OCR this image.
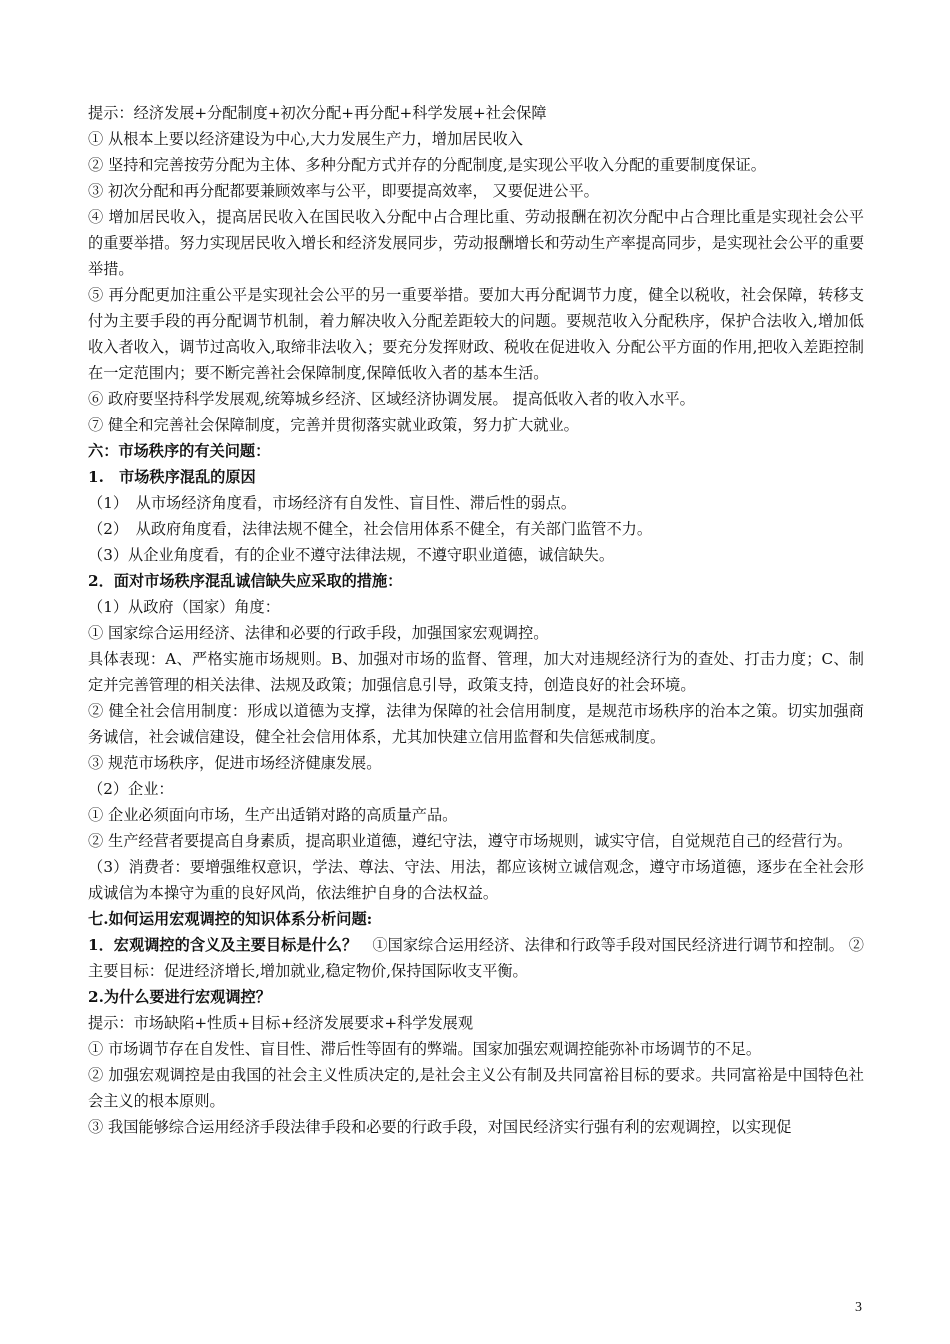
提示：经济发展+分配制度+初次分配+再分配+科学发展+社会保障

① 从根本上要以经济建设为中心,大力发展生产力，增加居民收入

② 坚持和完善按劳分配为主体、多种分配方式并存的分配制度,是实现公平收入分配的重要制度保证。

③ 初次分配和再分配都要兼顾效率与公平，即要提高效率， 又要促进公平。

④ 增加居民收入，提高居民收入在国民收入分配中占合理比重、劳动报酬在初次分配中占合理比重是实现社会公平的重要举措。努力实现居民收入增长和经济发展同步，劳动报酬增长和劳动生产率提高同步，是实现社会公平的重要举措。

⑤ 再分配更加注重公平是实现社会公平的另一重要举措。要加大再分配调节力度，健全以税收，社会保障，转移支付为主要手段的再分配调节机制，着力解决收入分配差距较大的问题。要规范收入分配秩序，保护合法收入,增加低收入者收入，调节过高收入,取缔非法收入；要充分发挥财政、税收在促进收入 分配公平方面的作用,把收入差距控制在一定范围内；要不断完善社会保障制度,保障低收入者的基本生活。

⑥ 政府要坚持科学发展观,统筹城乡经济、区域经济协调发展。 提高低收入者的收入水平。

⑦ 健全和完善社会保障制度，完善并贯彻落实就业政策，努力扩大就业。

六：市场秩序的有关问题：

1.　市场秩序混乱的原因

（1）　从市场经济角度看，市场经济有自发性、盲目性、滞后性的弱点。

（2）　从政府角度看，法律法规不健全，社会信用体系不健全，有关部门监管不力。

（3）从企业角度看，有的企业不遵守法律法规，不遵守职业道德，诚信缺失。

2．面对市场秩序混乱诚信缺失应采取的措施：

（1）从政府（国家）角度：

① 国家综合运用经济、法律和必要的行政手段，加强国家宏观调控。

具体表现：A、严格实施市场规则。B、加强对市场的监督、管理，加大对违规经济行为的查处、打击力度；C、制定并完善管理的相关法律、法规及政策；加强信息引导，政策支持，创造良好的社会环境。

② 健全社会信用制度：形成以道德为支撑，法律为保障的社会信用制度，是规范市场秩序的治本之策。切实加强商务诚信，社会诚信建设，健全社会信用体系，尤其加快建立信用监督和失信惩戒制度。

③ 规范市场秩序，促进市场经济健康发展。

（2）企业：

① 企业必须面向市场，生产出适销对路的高质量产品。

② 生产经营者要提高自身素质，提高职业道德，遵纪守法，遵守市场规则，诚实守信，自觉规范自己的经营行为。

（3）消费者：要增强维权意识，学法、尊法、守法、用法，都应该树立诚信观念，遵守市场道德，逐步在全社会形成诚信为本操守为重的良好风尚，依法维护自身的合法权益。

七.如何运用宏观调控的知识体系分析问题:

1．宏观调控的含义及主要目标是什么？　 ①国家综合运用经济、法律和行政等手段对国民经济进行调节和控制。 ②主要目标：促进经济增长,增加就业,稳定物价,保持国际收支平衡。

2.为什么要进行宏观调控？

提示：市场缺陷+性质+目标+经济发展要求+科学发展观

① 市场调节存在自发性、盲目性、滞后性等固有的弊端。国家加强宏观调控能弥补市场调节的不足。

② 加强宏观调控是由我国的社会主义性质决定的,是社会主义公有制及共同富裕目标的要求。共同富裕是中国特色社会主义的根本原则。

③ 我国能够综合运用经济手段法律手段和必要的行政手段，对国民经济实行强有利的宏观调控，以实现促

3
